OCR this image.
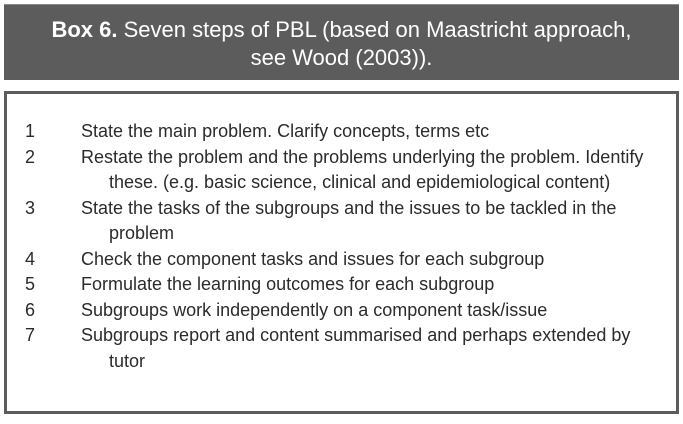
Box 6. Seven steps of PBL (based on Maastricht approach,
see Wood (2003)).
1	State the main problem. Clarify concepts, terms etc
2	Restate the problem and the problems underlying the problem. Identify these. (e.g. basic science, clinical and epidemiological content)
3	State the tasks of the subgroups and the issues to be tackled in the problem
4	Check the component tasks and issues for each subgroup
5	Formulate the learning outcomes for each subgroup
6	Subgroups work independently on a component task/issue
7	Subgroups report and content summarised and perhaps extended by tutor
